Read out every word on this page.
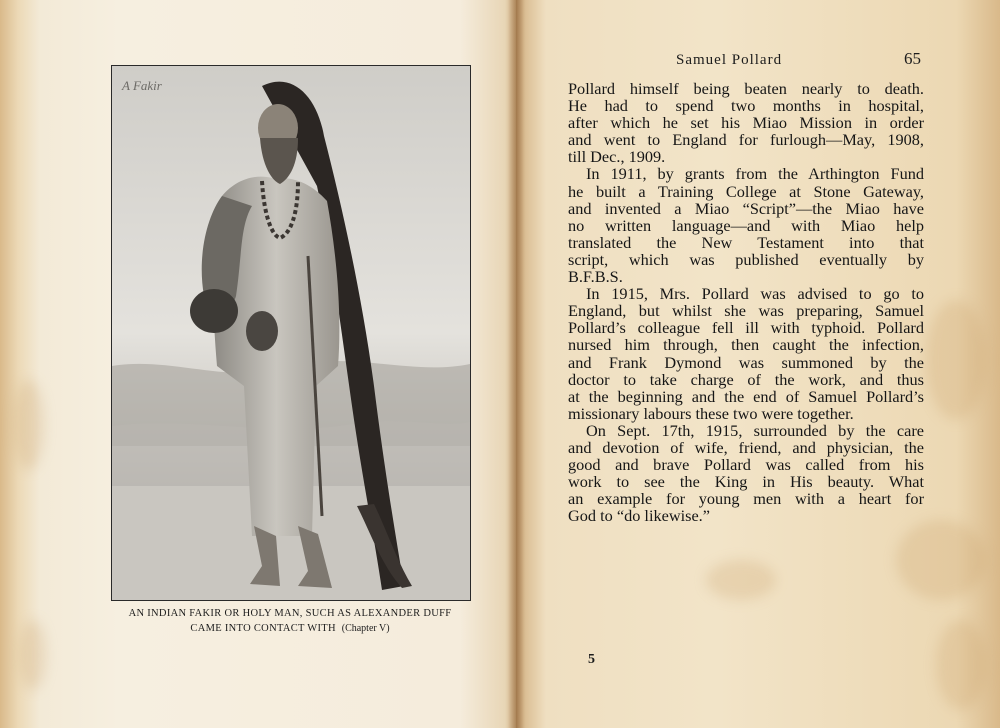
A Fakir
AN INDIAN FAKIR OR HOLY MAN, SUCH AS ALEXANDER DUFF
CAME INTO CONTACT WITH (Chapter V)
Samuel Pollard	65
Pollard himself being beaten nearly to death.
He had to spend two months in hospital,
after which he set his Miao Mission in order
and went to England for furlough—May, 1908,
till Dec., 1909.
In 1911, by grants from the Arthington Fund
he built a Training College at Stone Gateway,
and invented a Miao “Script”—the Miao have
no written language—and with Miao help
translated the New Testament into that
script, which was published eventually by
B.F.B.S.
In 1915, Mrs. Pollard was advised to go to
England, but whilst she was preparing, Samuel
Pollard’s colleague fell ill with typhoid. Pollard
nursed him through, then caught the infection,
and Frank Dymond was summoned by the
doctor to take charge of the work, and thus
at the beginning and the end of Samuel Pollard’s
missionary labours these two were together.
On Sept. 17th, 1915, surrounded by the care
and devotion of wife, friend, and physician, the
good and brave Pollard was called from his
work to see the King in His beauty. What
an example for young men with a heart for
God to “do likewise.”
5
